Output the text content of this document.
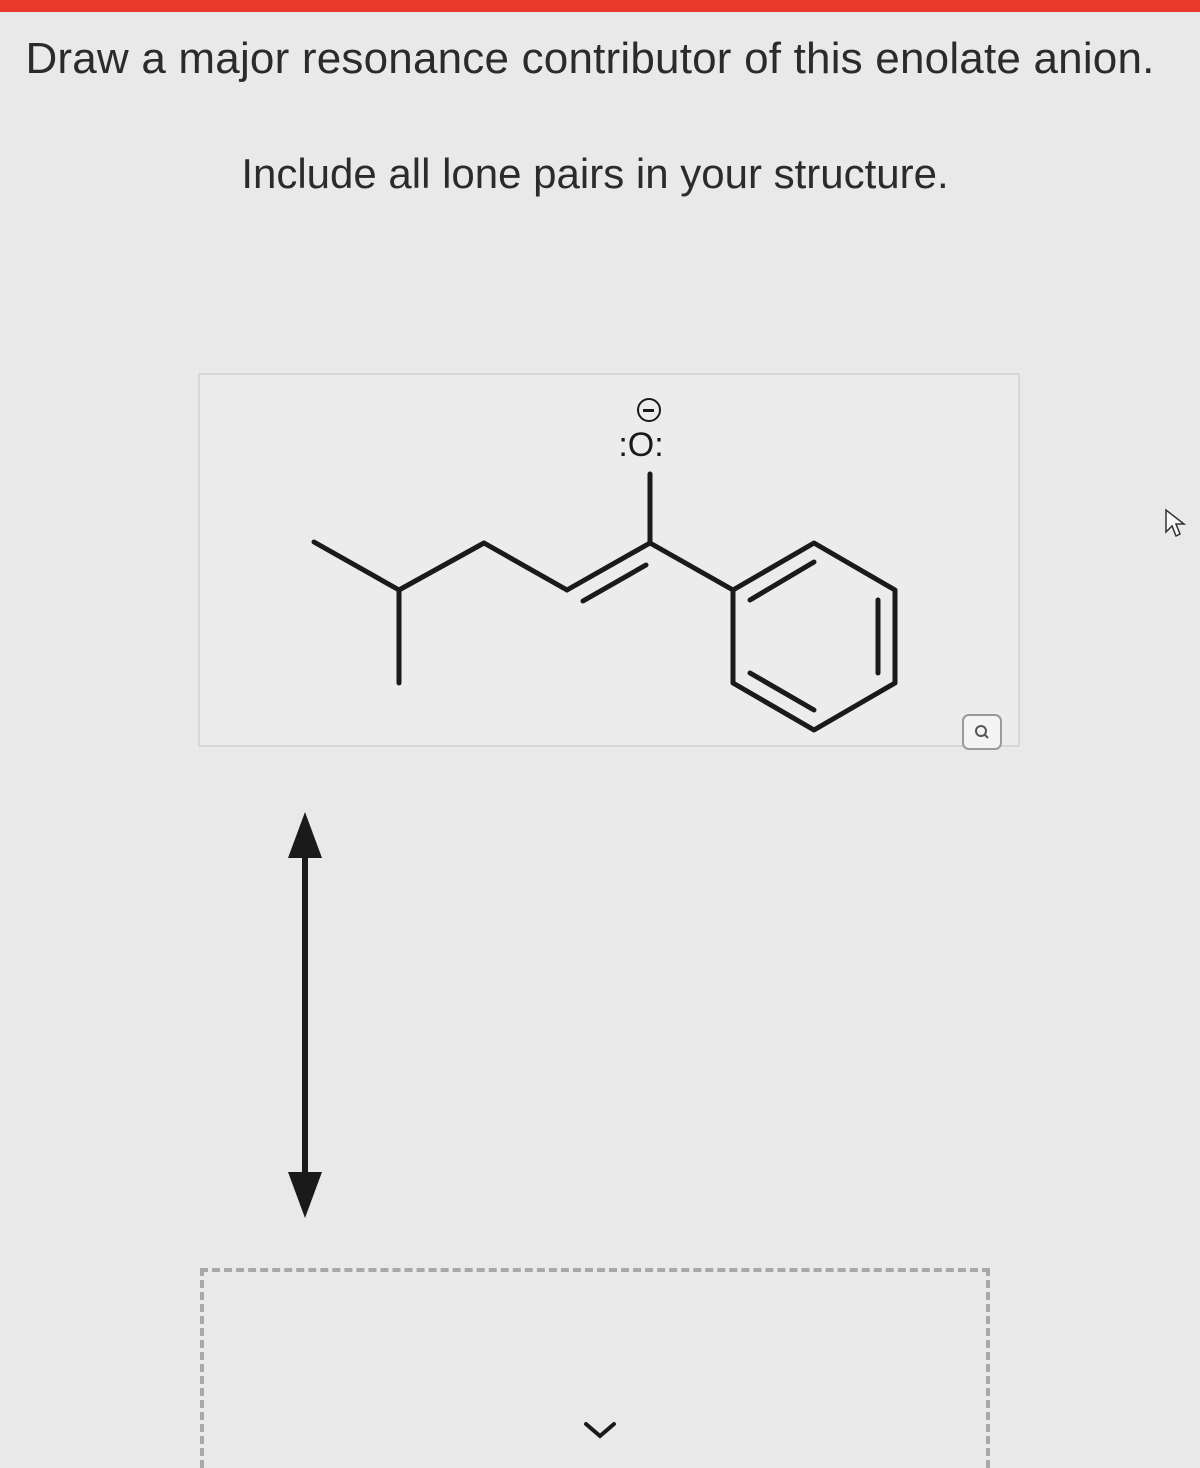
Draw a major resonance contributor of this enolate anion.
Include all lone pairs in your structure.
:O:
